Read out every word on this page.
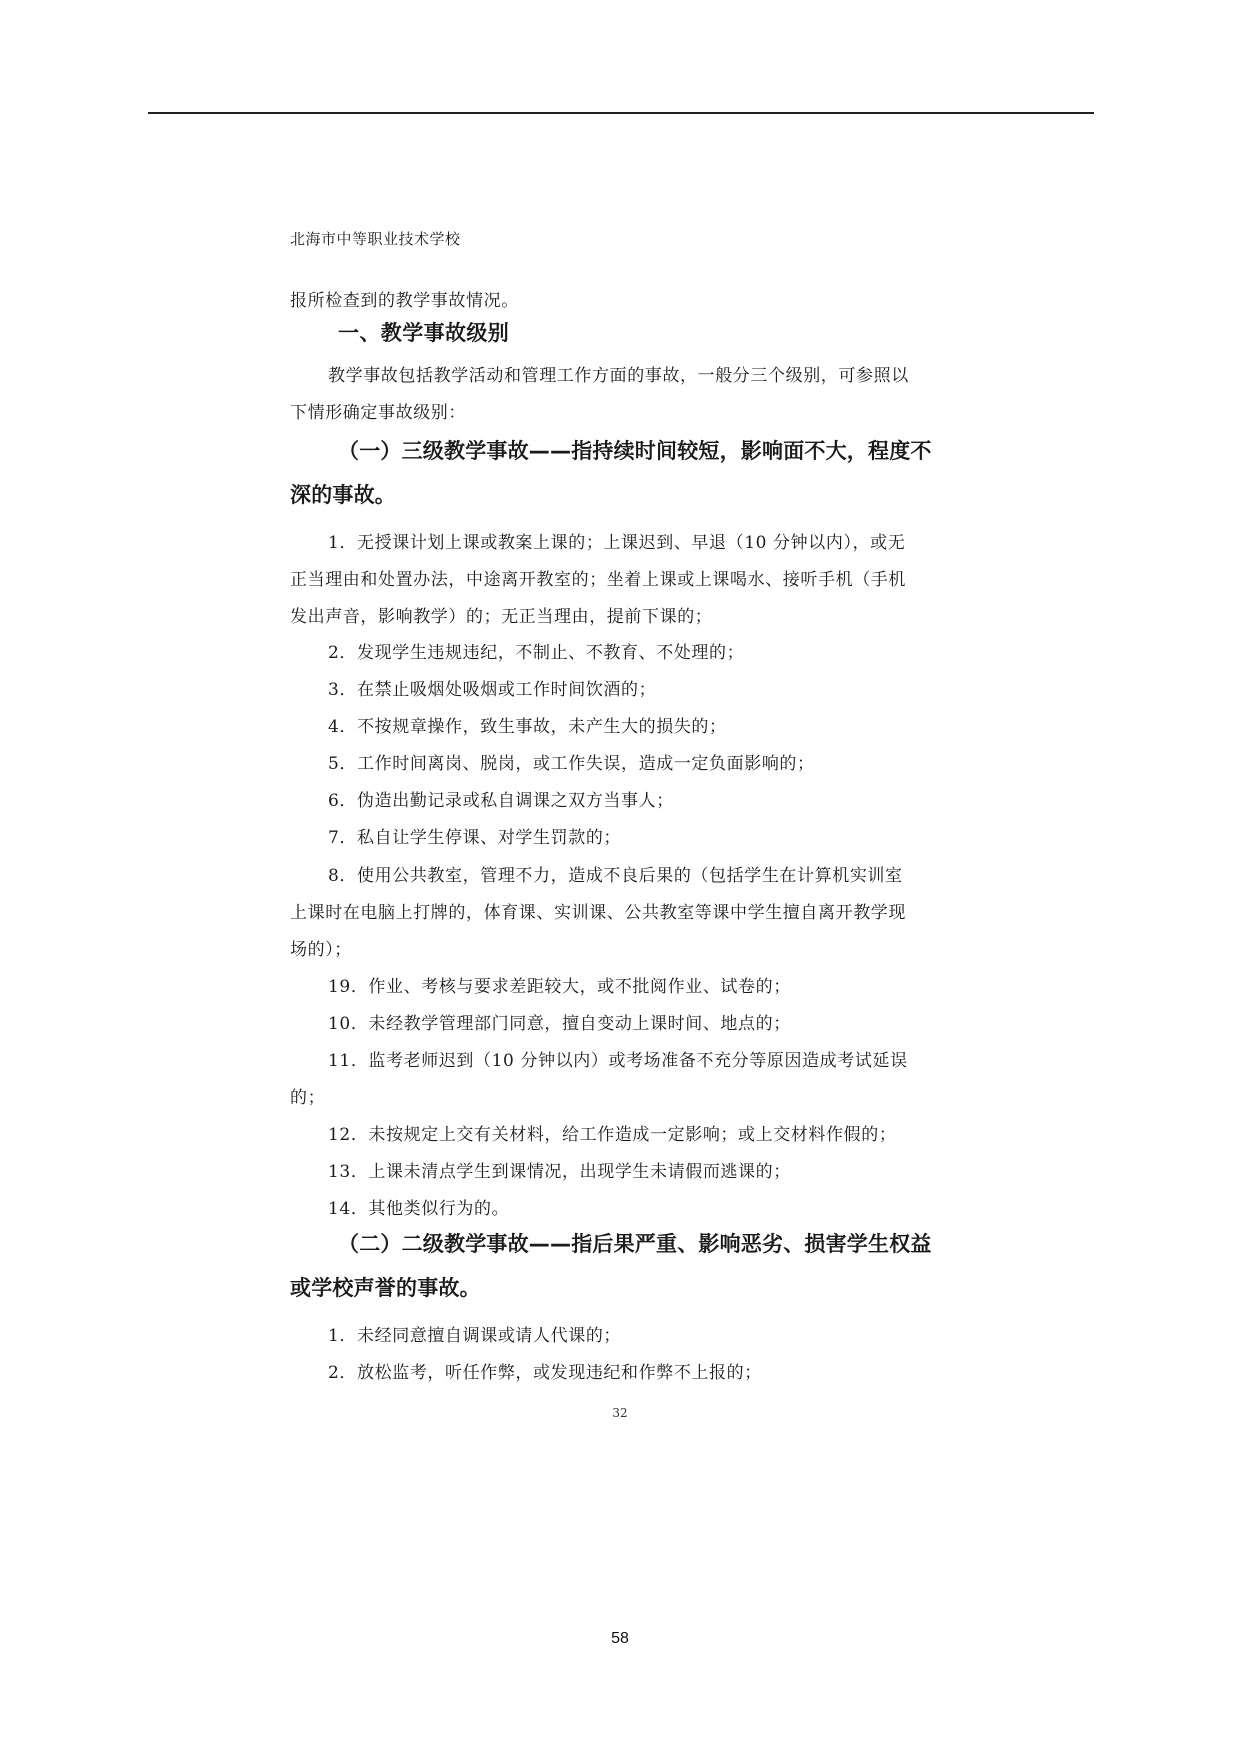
北海市中等职业技术学校
报所检查到的教学事故情况。
一、教学事故级别
教学事故包括教学活动和管理工作方面的事故，一般分三个级别，可参照以
下情形确定事故级别：
（一）三级教学事故——指持续时间较短，影响面不大，程度不
深的事故。
1．无授课计划上课或教案上课的；上课迟到、早退（10 分钟以内），或无
正当理由和处置办法，中途离开教室的；坐着上课或上课喝水、接听手机（手机
发出声音，影响教学）的；无正当理由，提前下课的；
2．发现学生违规违纪，不制止、不教育、不处理的；
3．在禁止吸烟处吸烟或工作时间饮酒的；
4．不按规章操作，致生事故，未产生大的损失的；
5．工作时间离岗、脱岗，或工作失误，造成一定负面影响的；
6．伪造出勤记录或私自调课之双方当事人；
7．私自让学生停课、对学生罚款的；
8．使用公共教室，管理不力，造成不良后果的（包括学生在计算机实训室
上课时在电脑上打牌的，体育课、实训课、公共教室等课中学生擅自离开教学现
场的）；
19．作业、考核与要求差距较大，或不批阅作业、试卷的；
10．未经教学管理部门同意，擅自变动上课时间、地点的；
11．监考老师迟到（10 分钟以内）或考场准备不充分等原因造成考试延误
的；
12．未按规定上交有关材料，给工作造成一定影响；或上交材料作假的；
13．上课未清点学生到课情况，出现学生未请假而逃课的；
14．其他类似行为的。
（二）二级教学事故——指后果严重、影响恶劣、损害学生权益
或学校声誉的事故。
1．未经同意擅自调课或请人代课的；
2．放松监考，听任作弊，或发现违纪和作弊不上报的；
32
58
